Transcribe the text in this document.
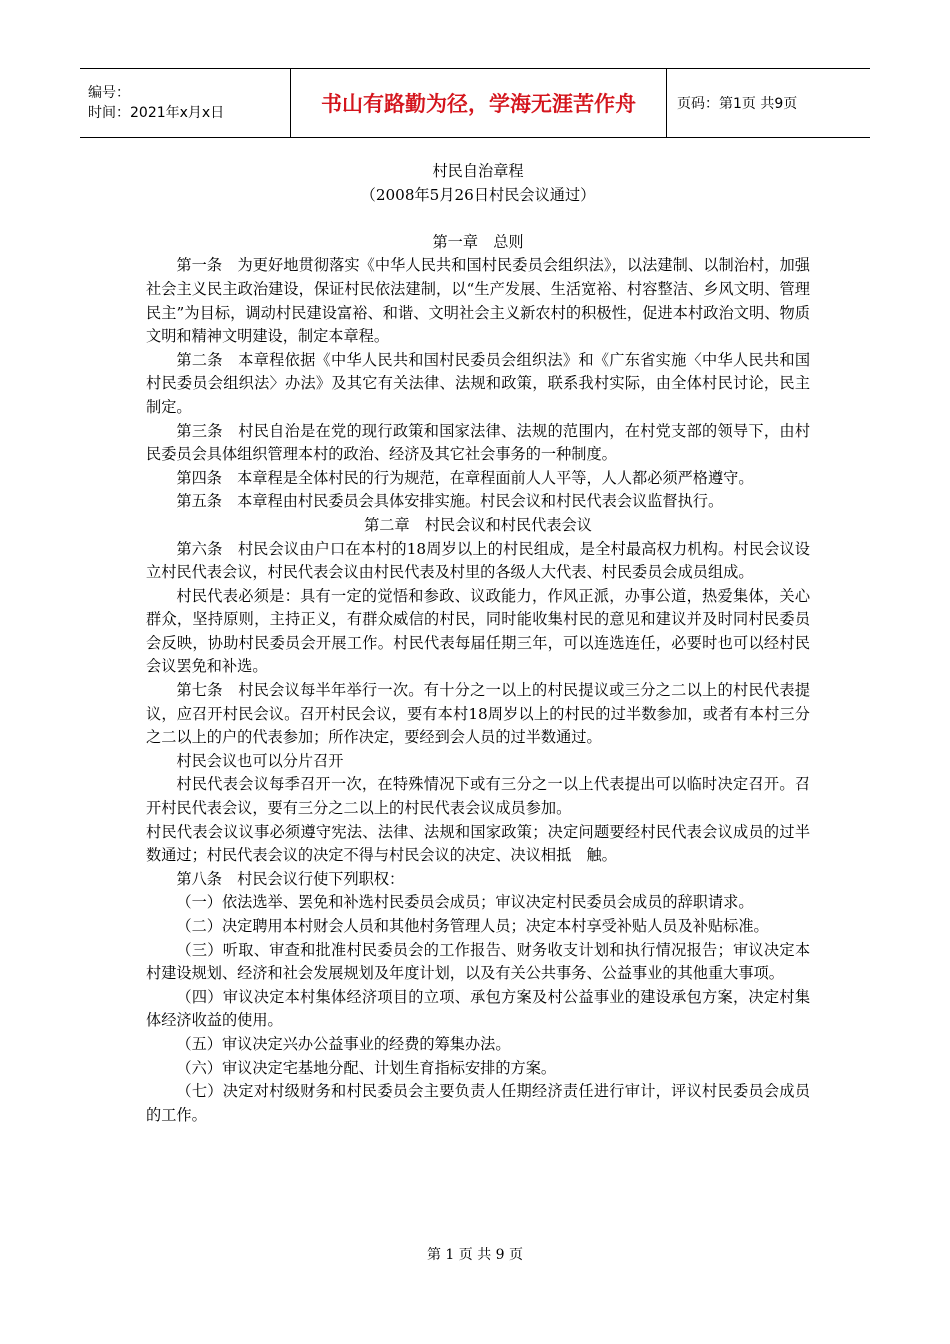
编号：
时间：2021年x月x日	书山有路勤为径，学海无涯苦作舟	页码：第1页 共9页

村民自治章程

（2008年5月26日村民会议通过）

第一章　总则

第一条　为更好地贯彻落实《中华人民共和国村民委员会组织法》，以法建制、以制治村，加强社会主义民主政治建设，保证村民依法建制，以“生产发展、生活宽裕、村容整洁、乡风文明、管理民主”为目标，调动村民建设富裕、和谐、文明社会主义新农村的积极性，促进本村政治文明、物质文明和精神文明建设，制定本章程。

第二条　本章程依据《中华人民共和国村民委员会组织法》和《广东省实施〈中华人民共和国村民委员会组织法〉办法》及其它有关法律、法规和政策，联系我村实际，由全体村民讨论，民主制定。

第三条　村民自治是在党的现行政策和国家法律、法规的范围内，在村党支部的领导下，由村民委员会具体组织管理本村的政治、经济及其它社会事务的一种制度。

第四条　本章程是全体村民的行为规范，在章程面前人人平等，人人都必须严格遵守。

第五条　本章程由村民委员会具体安排实施。村民会议和村民代表会议监督执行。

第二章　村民会议和村民代表会议

第六条　村民会议由户口在本村的18周岁以上的村民组成，是全村最高权力机构。村民会议设立村民代表会议，村民代表会议由村民代表及村里的各级人大代表、村民委员会成员组成。

村民代表必须是：具有一定的觉悟和参政、议政能力，作风正派，办事公道，热爱集体，关心群众，坚持原则，主持正义，有群众威信的村民，同时能收集村民的意见和建议并及时同村民委员会反映，协助村民委员会开展工作。村民代表每届任期三年，可以连选连任，必要时也可以经村民会议罢免和补选。

第七条　村民会议每半年举行一次。有十分之一以上的村民提议或三分之二以上的村民代表提议，应召开村民会议。召开村民会议，要有本村18周岁以上的村民的过半数参加，或者有本村三分之二以上的户的代表参加；所作决定，要经到会人员的过半数通过。

村民会议也可以分片召开

村民代表会议每季召开一次，在特殊情况下或有三分之一以上代表提出可以临时决定召开。召开村民代表会议，要有三分之二以上的村民代表会议成员参加。

村民代表会议议事必须遵守宪法、法律、法规和国家政策；决定问题要经村民代表会议成员的过半数通过；村民代表会议的决定不得与村民会议的决定、决议相抵　触。

第八条　村民会议行使下列职权：

（一）依法选举、罢免和补选村民委员会成员；审议决定村民委员会成员的辞职请求。

（二）决定聘用本村财会人员和其他村务管理人员；决定本村享受补贴人员及补贴标准。

（三）听取、审查和批准村民委员会的工作报告、财务收支计划和执行情况报告；审议决定本村建设规划、经济和社会发展规划及年度计划，以及有关公共事务、公益事业的其他重大事项。

（四）审议决定本村集体经济项目的立项、承包方案及村公益事业的建设承包方案，决定村集体经济收益的使用。

（五）审议决定兴办公益事业的经费的筹集办法。

（六）审议决定宅基地分配、计划生育指标安排的方案。

（七）决定对村级财务和村民委员会主要负责人任期经济责任进行审计，评议村民委员会成员的工作。

第 1 页 共 9 页
